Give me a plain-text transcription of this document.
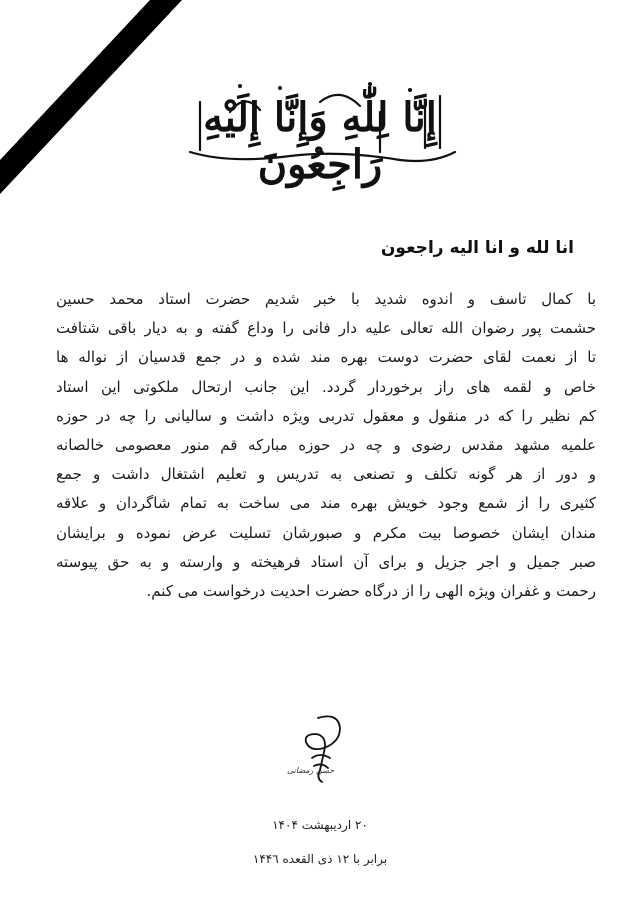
إِنَّا لِلّٰهِ وَإِنَّا إِلَيْهِ رَاجِعُونَ
انا لله و انا اليه راجعون
با کمال تاسف و اندوه شدید با خبر شدیم حضرت استاد محمد حسین
حشمت پور رضوان الله تعالی علیه دار فانی را وداع گفته و به دیار باقی شتافت
تا از نعمت لقای حضرت دوست بهره مند شده و در جمع قدسیان از نواله ها
خاص و لقمه های راز برخوردار گردد. این جانب ارتحال ملکوتی این استاد
کم نظیر را که در منقول و معقول تدربی ویژه داشت و سالیانی را چه در حوزه
علمیه مشهد مقدس رضوی و چه در حوزه مبارکه قم منور معصومی خالصانه
و دور از هر گونه تکلف و تصنعی به تدریس و تعلیم اشتغال داشت و جمع
کثیری را از شمع وجود خویش بهره مند می ساخت به تمام شاگردان و علاقه
مندان ایشان خصوصا بیت مکرم و صبورشان تسلیت عرض نموده و برایشان
صبر جمیل و اجر جزیل و برای آن استاد فرهیخته و وارسته و به حق پیوسته
رحمت و غفران ویژه الهی را از درگاه حضرت احدیت درخواست می کنم.
حسن رمضانی
۲۰ اردیبهشت ۱۴۰۴
برابر با ۱۲ ذی القعده ۱۴۴٦
